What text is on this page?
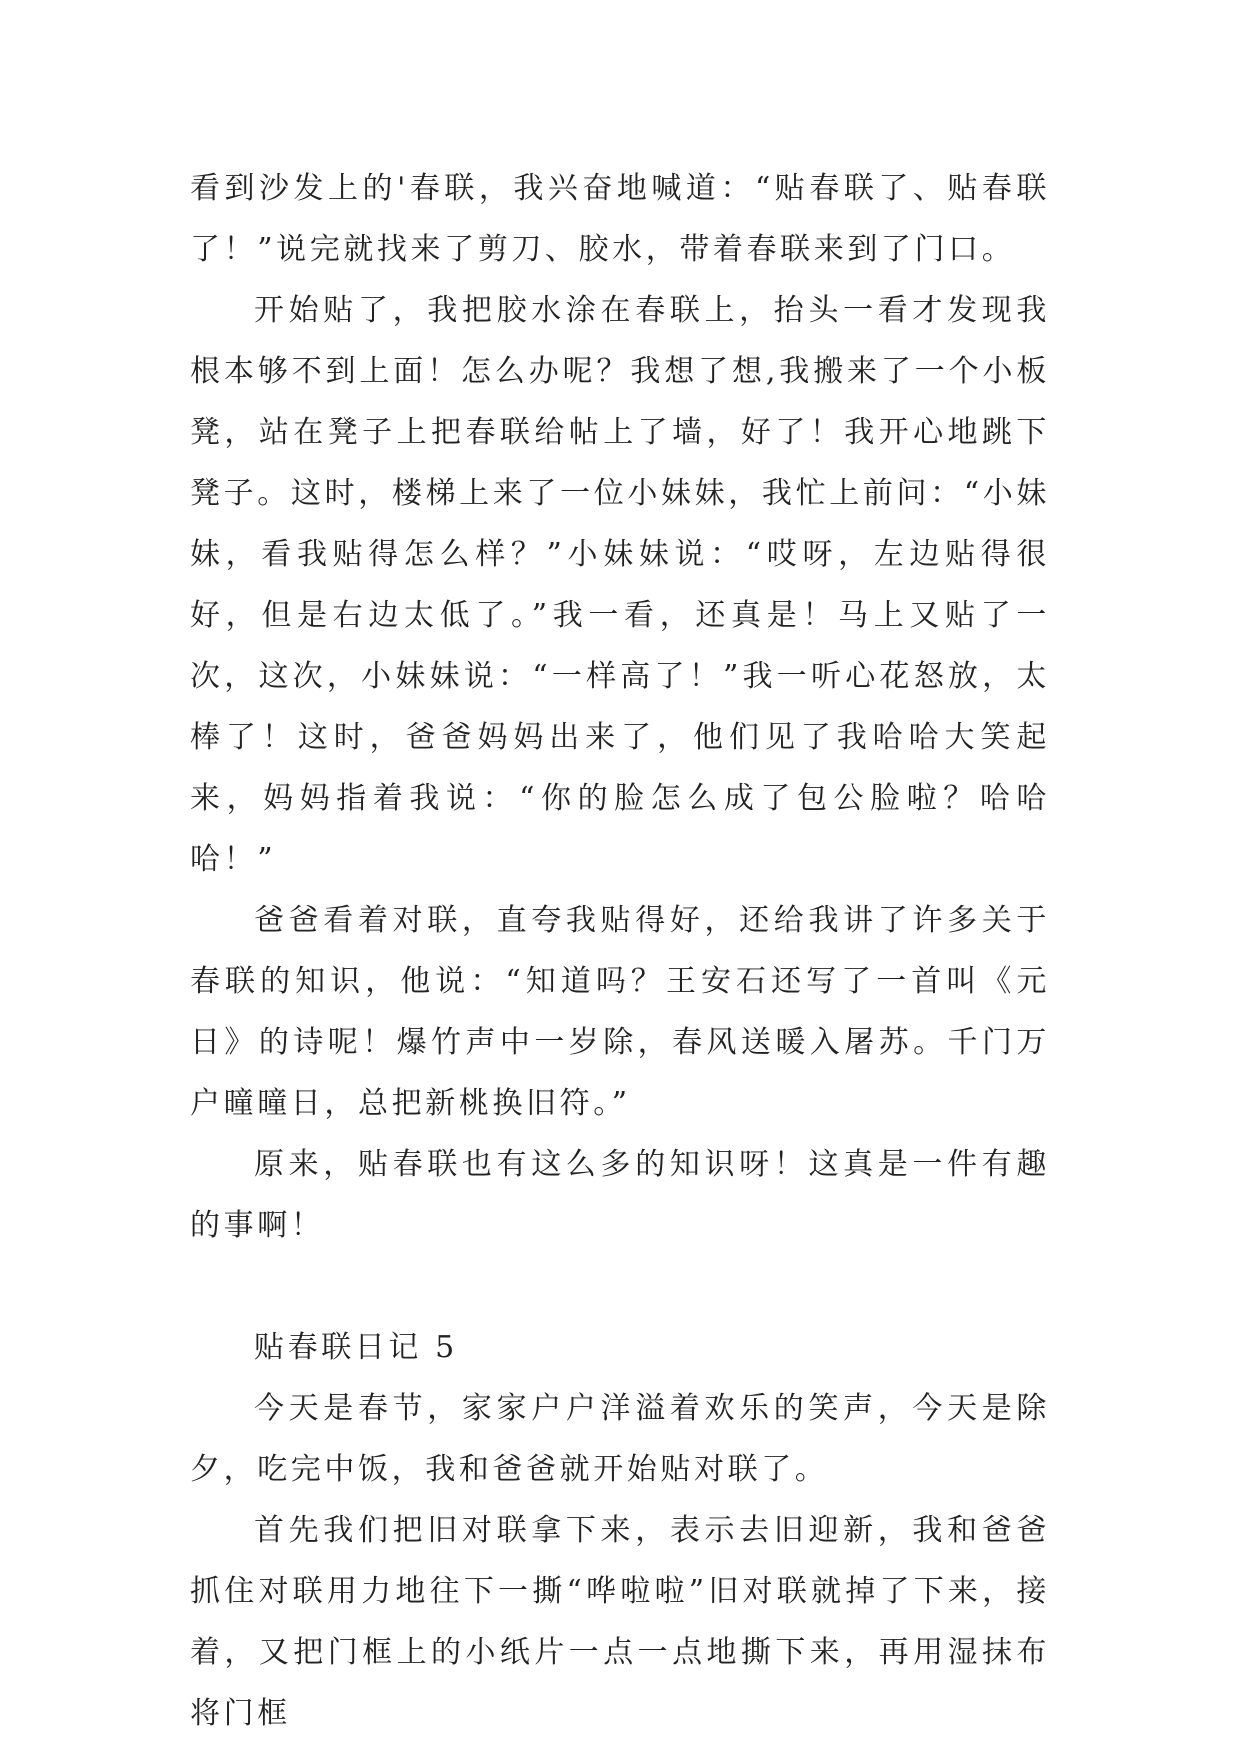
看到沙发上的'春联，我兴奋地喊道：“贴春联了、贴春联了！”说完就找来了剪刀、胶水，带着春联来到了门口。

开始贴了，我把胶水涂在春联上，抬头一看才发现我根本够不到上面！怎么办呢？我想了想,我搬来了一个小板凳，站在凳子上把春联给帖上了墙，好了！我开心地跳下凳子。这时，楼梯上来了一位小妹妹，我忙上前问：“小妹妹，看我贴得怎么样？”小妹妹说：“哎呀，左边贴得很好，但是右边太低了。”我一看，还真是！马上又贴了一次，这次，小妹妹说：“一样高了！”我一听心花怒放，太棒了！这时，爸爸妈妈出来了，他们见了我哈哈大笑起来，妈妈指着我说：“你的脸怎么成了包公脸啦？哈哈哈！”

爸爸看着对联，直夸我贴得好，还给我讲了许多关于春联的知识，他说：“知道吗？王安石还写了一首叫《元日》的诗呢！爆竹声中一岁除，春风送暖入屠苏。千门万户曈曈日，总把新桃换旧符。”

原来，贴春联也有这么多的知识呀！这真是一件有趣的事啊！

贴春联日记 5

今天是春节，家家户户洋溢着欢乐的笑声，今天是除夕，吃完中饭，我和爸爸就开始贴对联了。

首先我们把旧对联拿下来，表示去旧迎新，我和爸爸抓住对联用力地往下一撕“哗啦啦”旧对联就掉了下来，接着，又把门框上的小纸片一点一点地撕下来，再用湿抹布将门框
